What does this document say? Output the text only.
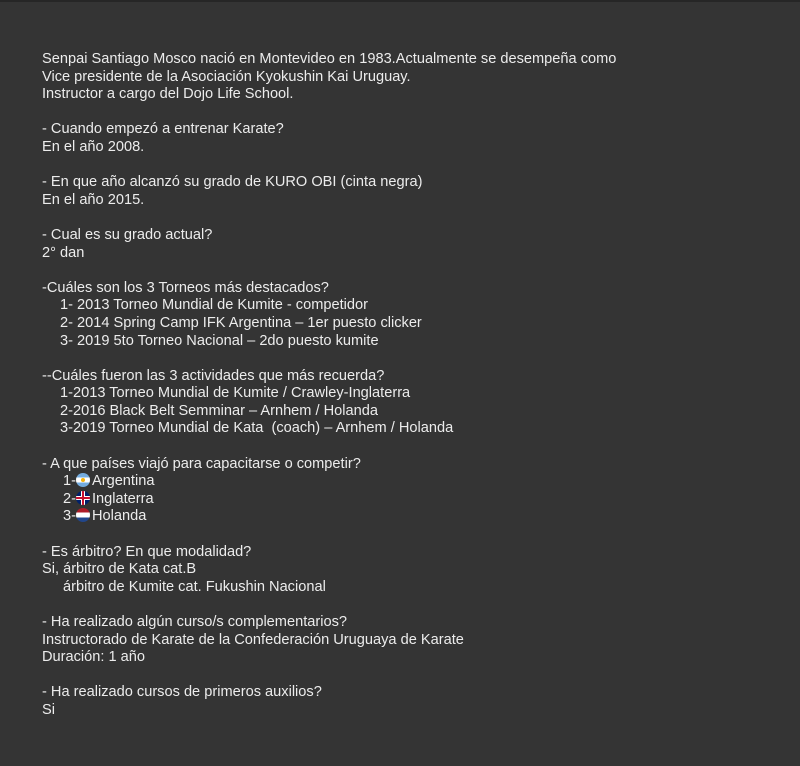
Senpai Santiago Mosco nació en Montevideo en 1983.Actualmente se desempeña como
Vice presidente de la Asociación Kyokushin Kai Uruguay.
Instructor a cargo del Dojo Life School.
- Cuando empezó a entrenar Karate?
En el año 2008.
- En que año alcanzó su grado de KURO OBI (cinta negra)
En el año 2015.
- Cual es su grado actual?
2° dan
-Cuáles son los 3 Torneos más destacados?
1- 2013 Torneo Mundial de Kumite - competidor
2- 2014 Spring Camp IFK Argentina – 1er puesto clicker
3- 2019 5to Torneo Nacional – 2do puesto kumite
--Cuáles fueron las 3 actividades que más recuerda?
1-2013 Torneo Mundial de Kumite / Crawley-Inglaterra
2-2016 Black Belt Semminar – Arnhem / Holanda
3-2019 Torneo Mundial de Kata  (coach) – Arnhem / Holanda
- A que países viajó para capacitarse o competir?
1- Argentina
2- Inglaterra
3- Holanda
- Es árbitro? En que modalidad?
Si, árbitro de Kata cat.B
árbitro de Kumite cat. Fukushin Nacional
- Ha realizado algún curso/s complementarios?
Instructorado de Karate de la Confederación Uruguaya de Karate
Duración: 1 año
- Ha realizado cursos de primeros auxilios?
Si
